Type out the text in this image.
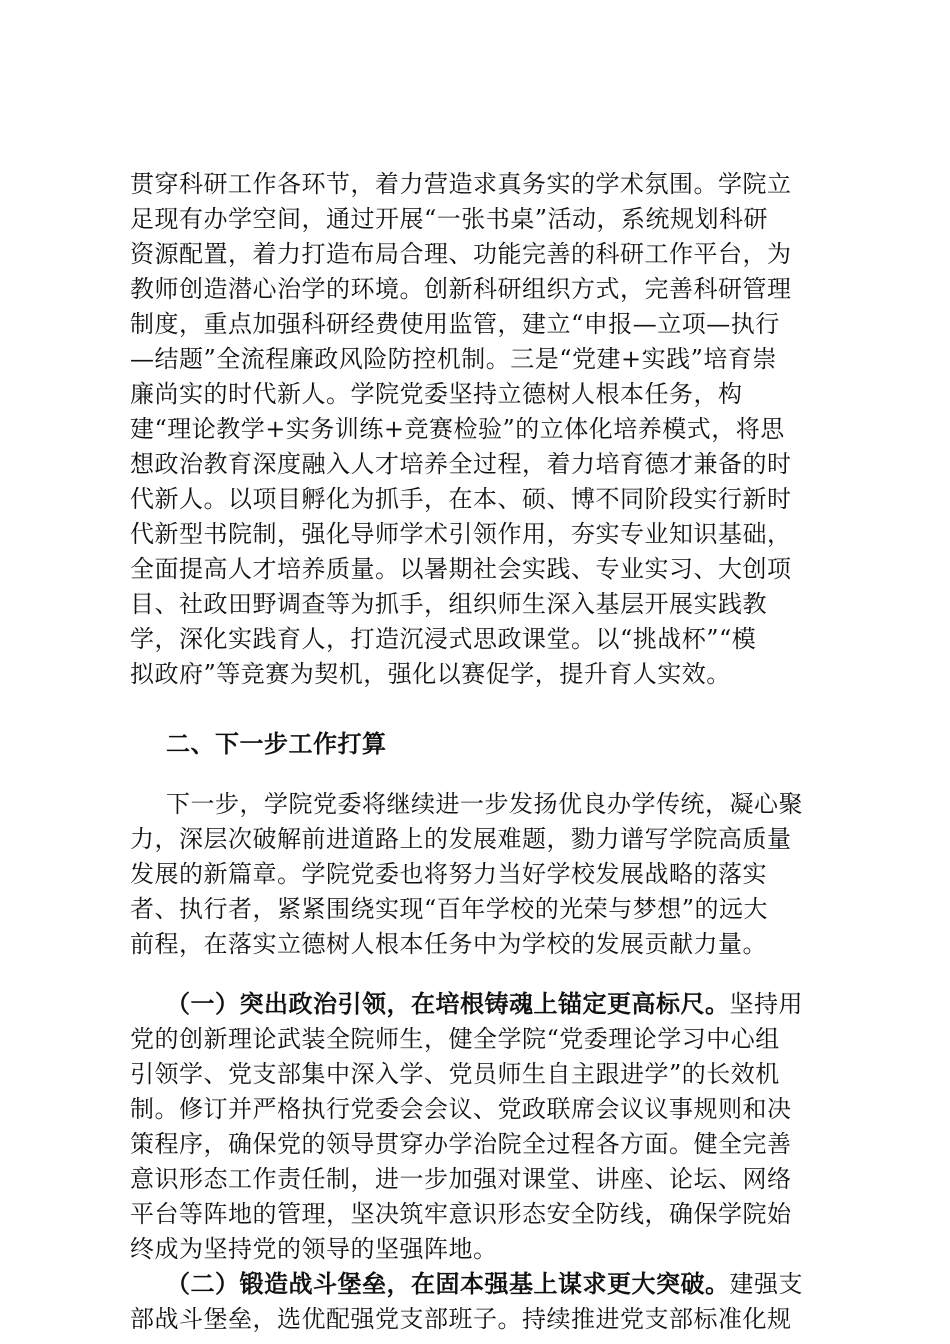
贯穿科研工作各环节，着力营造求真务实的学术氛围。学院立
足现有办学空间，通过开展“一张书桌”活动，系统规划科研
资源配置，着力打造布局合理、功能完善的科研工作平台，为
教师创造潜心治学的环境。创新科研组织方式，完善科研管理
制度，重点加强科研经费使用监管，建立“申报—立项—执行
—结题”全流程廉政风险防控机制。三是“党建+实践”培育崇
廉尚实的时代新人。学院党委坚持立德树人根本任务，构
建“理论教学+实务训练+竞赛检验”的立体化培养模式，将思
想政治教育深度融入人才培养全过程，着力培育德才兼备的时
代新人。以项目孵化为抓手，在本、硕、博不同阶段实行新时
代新型书院制，强化导师学术引领作用，夯实专业知识基础，
全面提高人才培养质量。以暑期社会实践、专业实习、大创项
目、社政田野调查等为抓手，组织师生深入基层开展实践教
学，深化实践育人，打造沉浸式思政课堂。以“挑战杯”“模
拟政府”等竞赛为契机，强化以赛促学，提升育人实效。
二、下一步工作打算
下一步，学院党委将继续进一步发扬优良办学传统，凝心聚
力，深层次破解前进道路上的发展难题，勠力谱写学院高质量
发展的新篇章。学院党委也将努力当好学校发展战略的落实
者、执行者，紧紧围绕实现“百年学校的光荣与梦想”的远大
前程，在落实立德树人根本任务中为学校的发展贡献力量。
（一）突出政治引领，在培根铸魂上锚定更高标尺。坚持用
党的创新理论武装全院师生，健全学院“党委理论学习中心组
引领学、党支部集中深入学、党员师生自主跟进学”的长效机
制。修订并严格执行党委会会议、党政联席会议议事规则和决
策程序，确保党的领导贯穿办学治院全过程各方面。健全完善
意识形态工作责任制，进一步加强对课堂、讲座、论坛、网络
平台等阵地的管理，坚决筑牢意识形态安全防线，确保学院始
终成为坚持党的领导的坚强阵地。
（二）锻造战斗堡垒，在固本强基上谋求更大突破。建强支
部战斗堡垒，选优配强党支部班子。持续推进党支部标准化规
